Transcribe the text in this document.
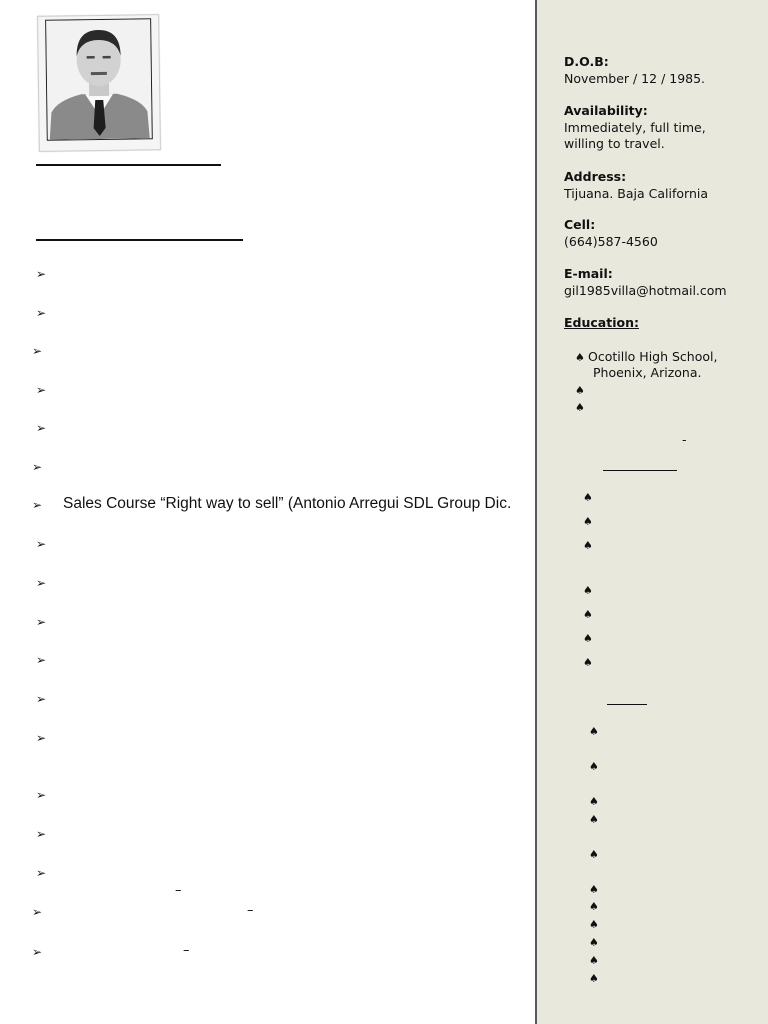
➢
➢
➢
➢
➢
➢
➢ Sales Course “Right way to sell” (Antonio Arregui SDL Group Dic.
➢
➢
➢
➢
➢
➢
➢
➢
➢
–
➢	–
➢	–
D.O.B:
November / 12 / 1985.
Availability:
Immediately, full time,
willing to travel.
Address:
Tijuana. Baja California
Cell:
(664)587-4560
E-mail:
gil1985villa@hotmail.com
Education:
♠ Ocotillo High School,
Phoenix, Arizona.
♠
♠
-
♠
♠
♠
♠
♠
♠
♠
♠
♠
♠
♠
♠
♠
♠
♠
♠
♠
♠
